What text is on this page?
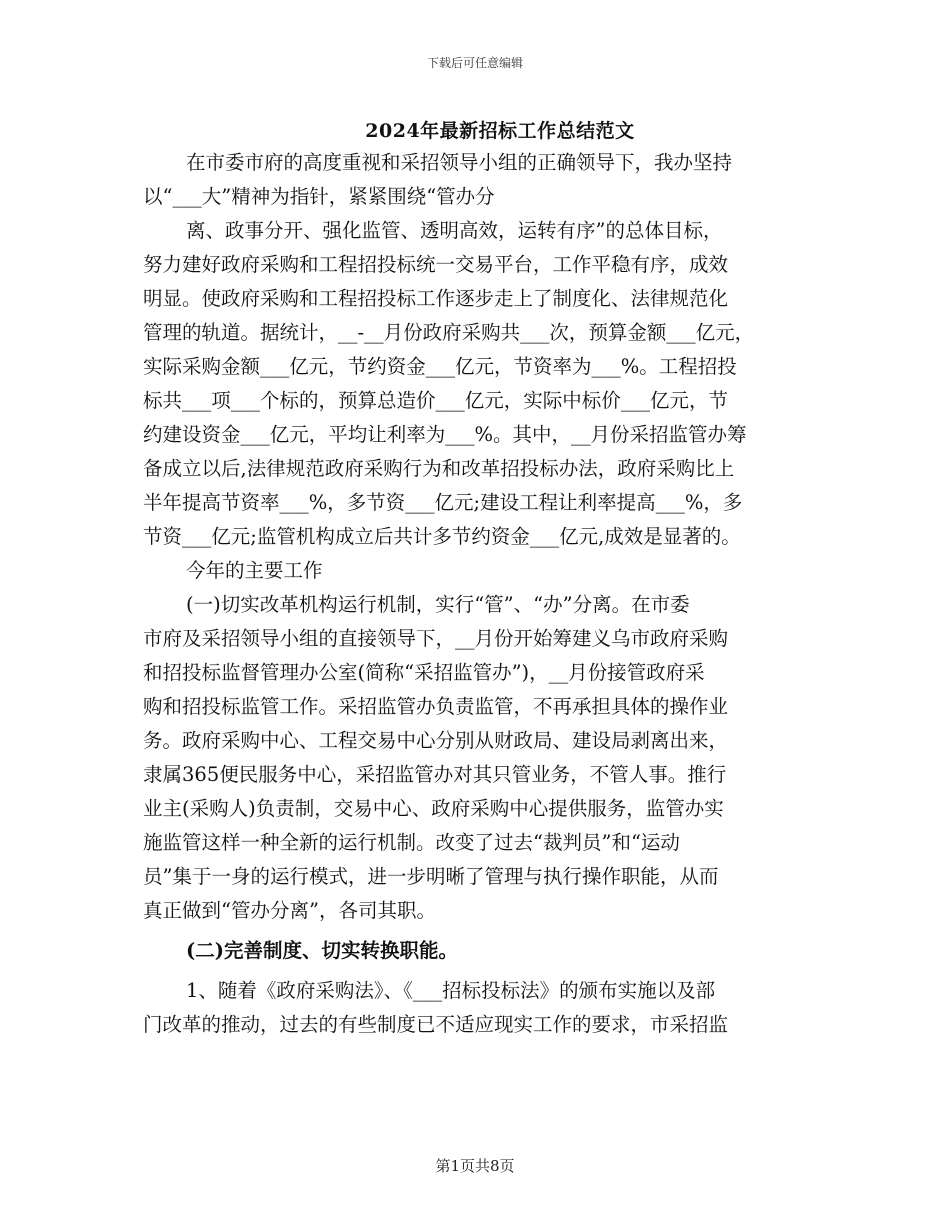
下载后可任意编辑
2024年最新招标工作总结范文

在市委市府的高度重视和采招领导小组的正确领导下，我办坚持

以“___大”精神为指针，紧紧围绕“管办分

离、政事分开、强化监管、透明高效，运转有序”的总体目标，

努力建好政府采购和工程招投标统一交易平台，工作平稳有序，成效

明显。使政府采购和工程招投标工作逐步走上了制度化、法律规范化

管理的轨道。据统计，__-__月份政府采购共___次，预算金额___亿元，

实际采购金额___亿元，节约资金___亿元，节资率为___%。工程招投

标共___项___个标的，预算总造价___亿元，实际中标价___亿元，节

约建设资金___亿元，平均让利率为___%。其中，__月份采招监管办筹

备成立以后,法律规范政府采购行为和改革招投标办法，政府采购比上

半年提高节资率___%，多节资___亿元;建设工程让利率提高___%，多

节资___亿元;监管机构成立后共计多节约资金___亿元,成效是显著的。

今年的主要工作

(一)切实改革机构运行机制，实行“管”、“办”分离。在市委

市府及采招领导小组的直接领导下，__月份开始筹建义乌市政府采购

和招投标监督管理办公室(简称“采招监管办”)，__月份接管政府采

购和招投标监管工作。采招监管办负责监管，不再承担具体的操作业

务。政府采购中心、工程交易中心分别从财政局、建设局剥离出来，

隶属365便民服务中心，采招监管办对其只管业务，不管人事。推行

业主(采购人)负责制，交易中心、政府采购中心提供服务，监管办实

施监管这样一种全新的运行机制。改变了过去“裁判员”和“运动

员”集于一身的运行模式，进一步明晰了管理与执行操作职能，从而

真正做到“管办分离”，各司其职。

(二)完善制度、切实转换职能。

1、随着《政府采购法》、《___招标投标法》的颁布实施以及部

门改革的推动，过去的有些制度已不适应现实工作的要求，市采招监

第1页共8页
